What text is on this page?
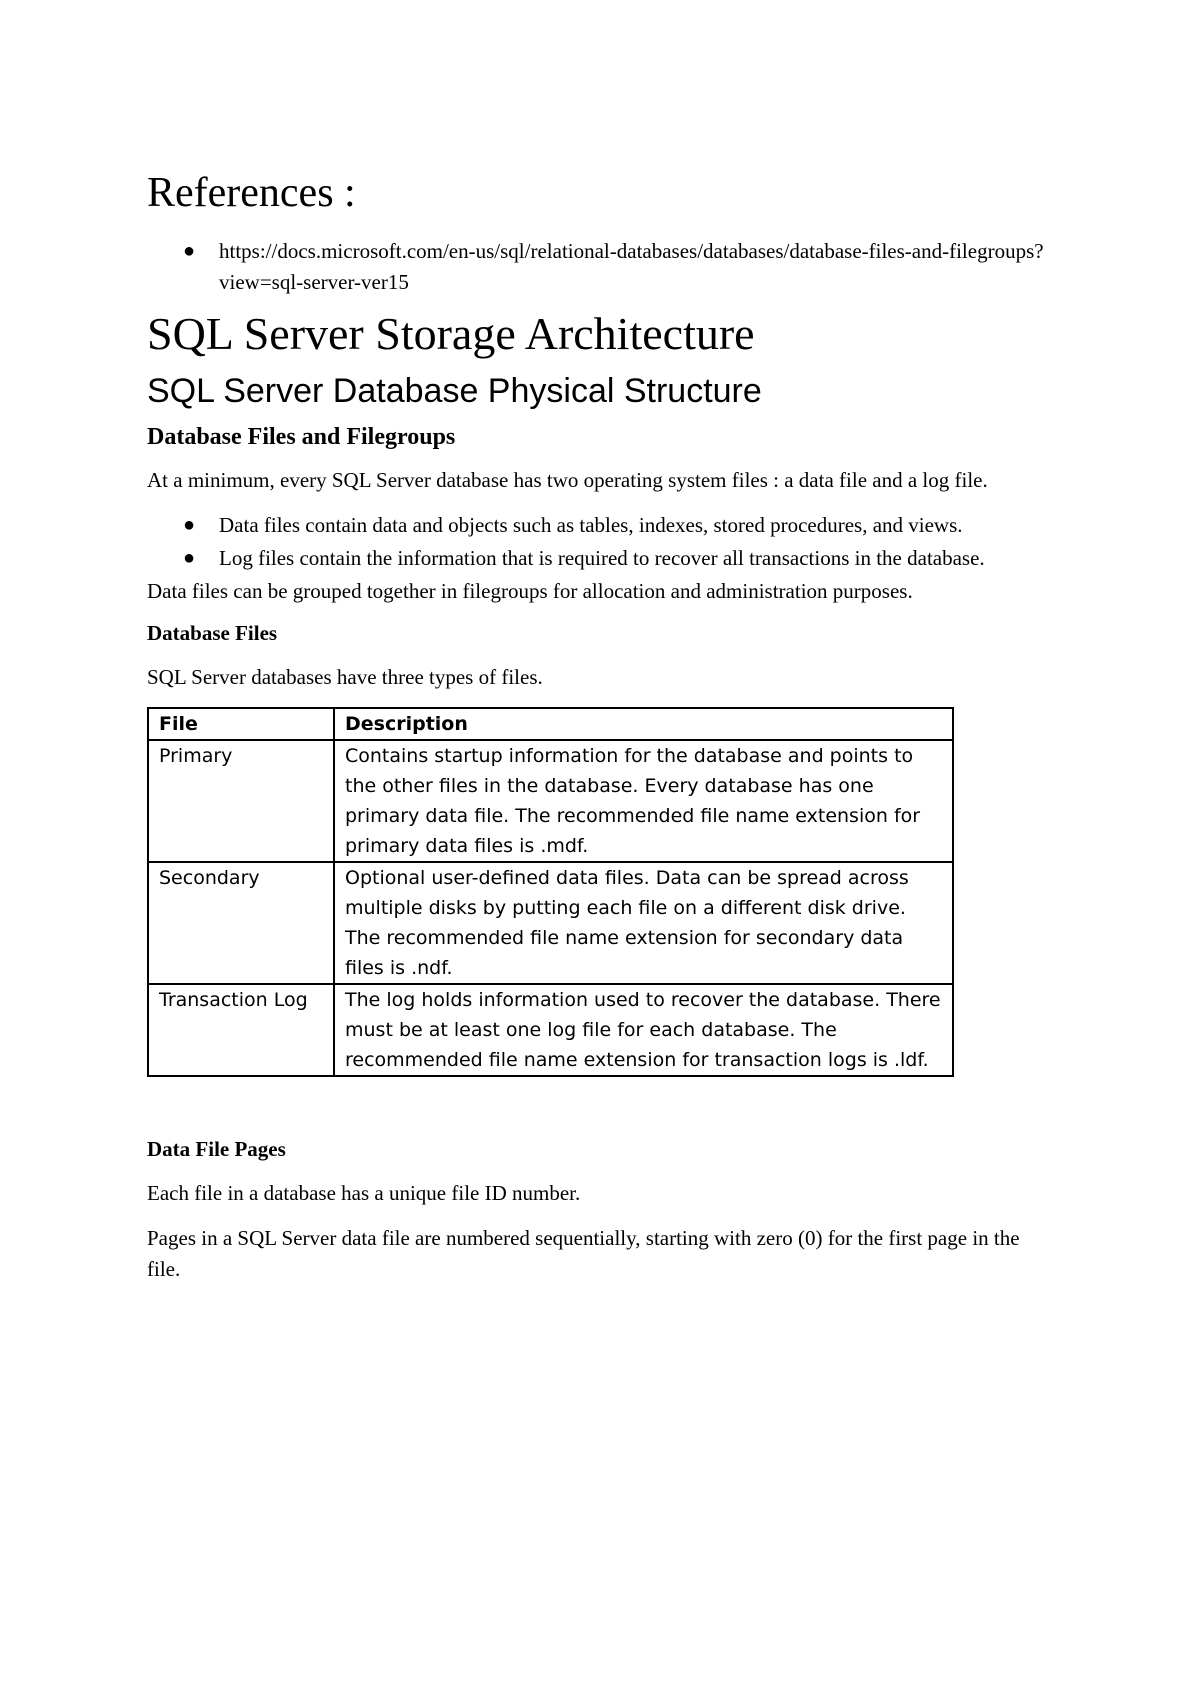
References :
● https://docs.microsoft.com/en-us/sql/relational-databases/databases/database-files-and-filegroups?view=sql-server-ver15
SQL Server Storage Architecture
SQL Server Database Physical Structure
Database Files and Filegroups

At a minimum, every SQL Server database has two operating system files : a data file and a log file.

● Data files contain data and objects such as tables, indexes, stored procedures, and views.
● Log files contain the information that is required to recover all transactions in the database.

Data files can be grouped together in filegroups for allocation and administration purposes.

Database Files

SQL Server databases have three types of files.

File	Description
Primary	Contains startup information for the database and points to the other files in the database. Every database has one primary data file. The recommended file name extension for primary data files is .mdf.
Secondary	Optional user-defined data files. Data can be spread across multiple disks by putting each file on a different disk drive. The recommended file name extension for secondary data files is .ndf.
Transaction Log	The log holds information used to recover the database. There must be at least one log file for each database. The recommended file name extension for transaction logs is .ldf.
Data File Pages

Each file in a database has a unique file ID number.

Pages in a SQL Server data file are numbered sequentially, starting with zero (0) for the first page in the file.
